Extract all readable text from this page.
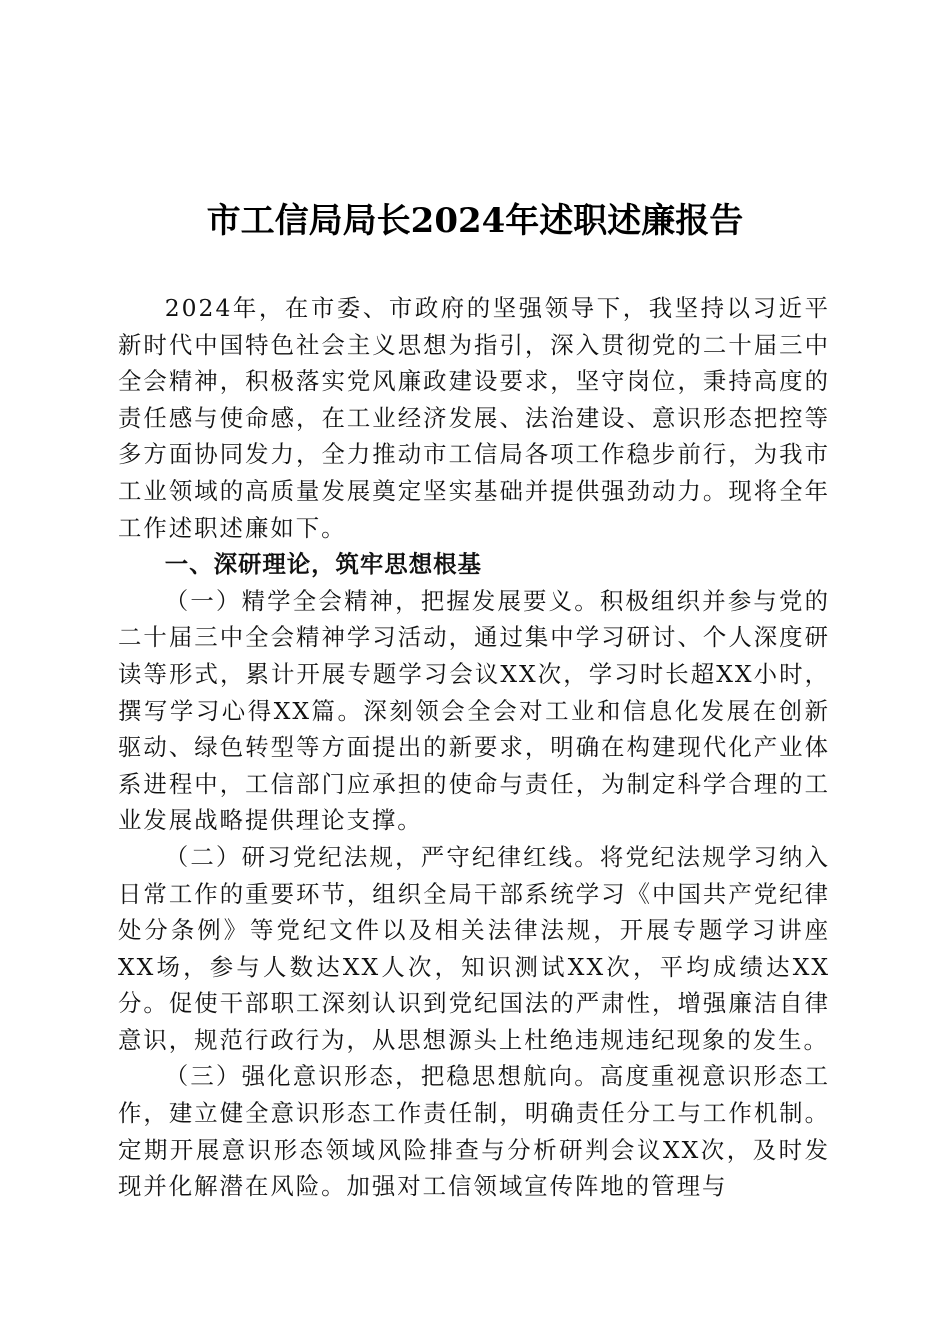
市工信局局长2024年述职述廉报告

2024年，在市委、市政府的坚强领导下，我坚持以习近平新时代中国特色社会主义思想为指引，深入贯彻党的二十届三中全会精神，积极落实党风廉政建设要求，坚守岗位，秉持高度的责任感与使命感，在工业经济发展、法治建设、意识形态把控等多方面协同发力，全力推动市工信局各项工作稳步前行，为我市工业领域的高质量发展奠定坚实基础并提供强劲动力。现将全年工作述职述廉如下。

一、深研理论，筑牢思想根基

（一）精学全会精神，把握发展要义。积极组织并参与党的二十届三中全会精神学习活动，通过集中学习研讨、个人深度研读等形式，累计开展专题学习会议XX次，学习时长超XX小时，撰写学习心得XX篇。深刻领会全会对工业和信息化发展在创新驱动、绿色转型等方面提出的新要求，明确在构建现代化产业体系进程中，工信部门应承担的使命与责任，为制定科学合理的工业发展战略提供理论支撑。

（二）研习党纪法规，严守纪律红线。将党纪法规学习纳入日常工作的重要环节，组织全局干部系统学习《中国共产党纪律处分条例》等党纪文件以及相关法律法规，开展专题学习讲座XX场，参与人数达XX人次，知识测试XX次，平均成绩达XX分。促使干部职工深刻认识到党纪国法的严肃性，增强廉洁自律意识，规范行政行为，从思想源头上杜绝违规违纪现象的发生。

（三）强化意识形态，把稳思想航向。高度重视意识形态工作，建立健全意识形态工作责任制，明确责任分工与工作机制。定期开展意识形态领域风险排查与分析研判会议XX次，及时发现并化解潜在风险。加强对工信领域宣传阵地的管理与
